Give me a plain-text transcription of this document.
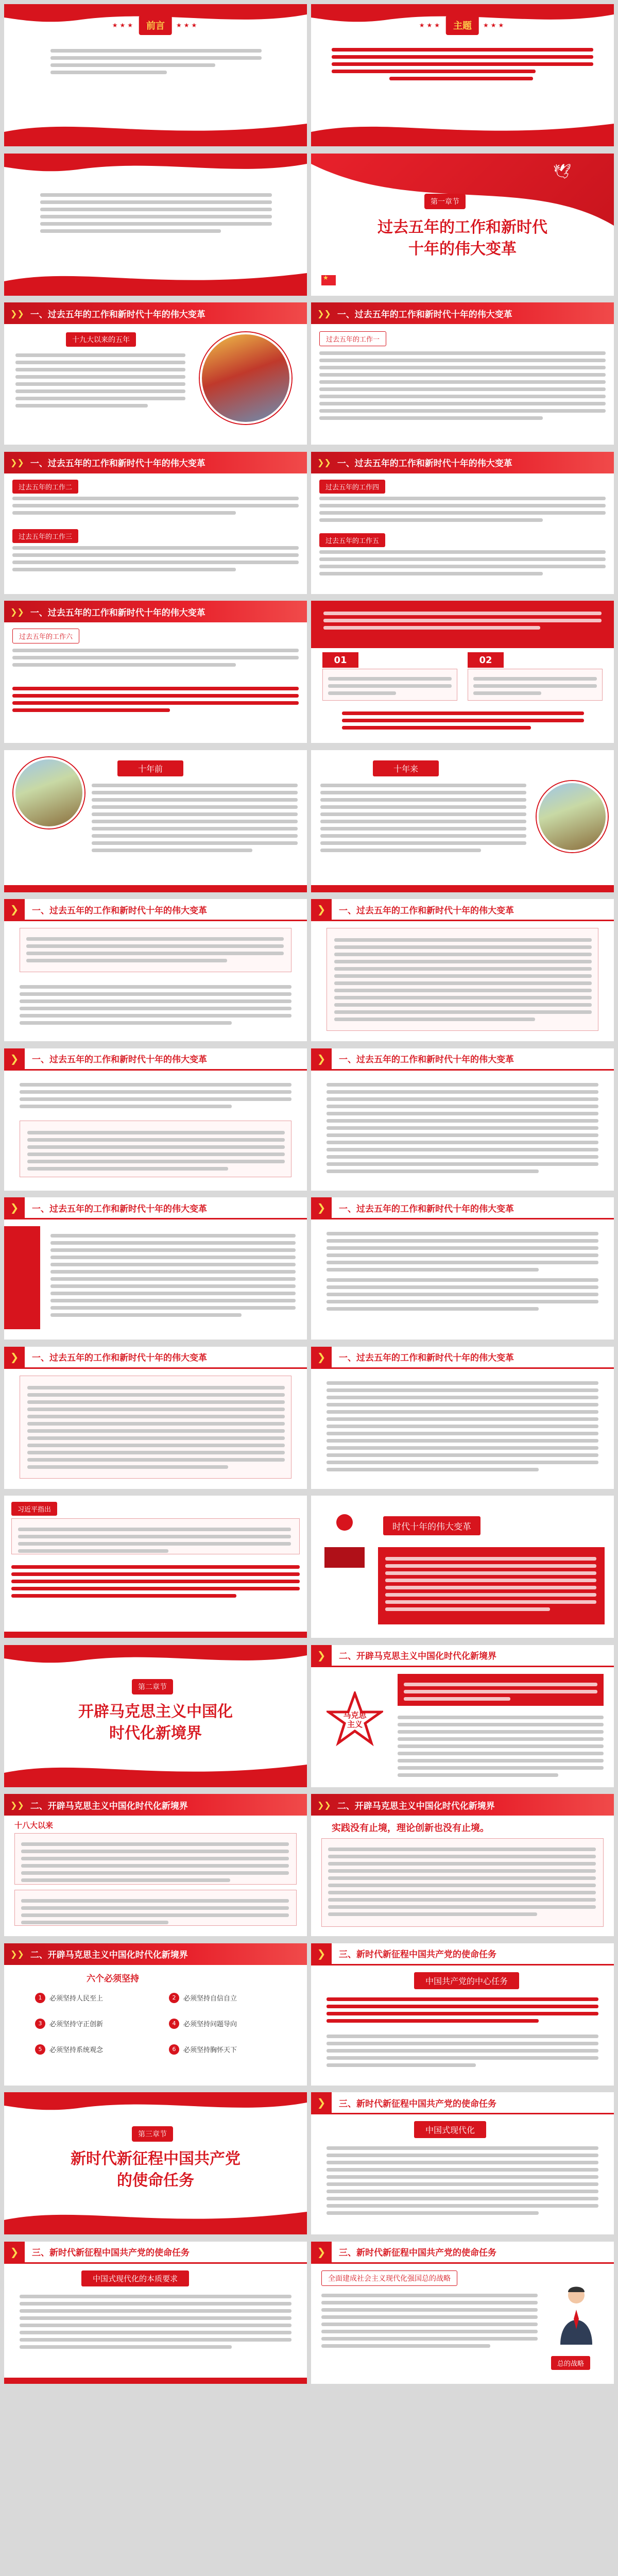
★★★	前言	★★★	★★★	主题	★★★
🕊
第一章节
过去五年的工作和新时代
十年的伟大变革
★
❯❯ 一、过去五年的工作和新时代十年的伟大变革
十九大以来的五年
❯❯ 一、过去五年的工作和新时代十年的伟大变革
过去五年的工作一
❯❯ 一、过去五年的工作和新时代十年的伟大变革
过去五年的工作二
过去五年的工作三
❯❯ 一、过去五年的工作和新时代十年的伟大变革
过去五年的工作四
过去五年的工作五
❯❯ 一、过去五年的工作和新时代十年的伟大变革
过去五年的工作六
01	02
十年前	十年来
❯	一、过去五年的工作和新时代十年的伟大变革	❯	一、过去五年的工作和新时代十年的伟大变革
❯	一、过去五年的工作和新时代十年的伟大变革	❯	一、过去五年的工作和新时代十年的伟大变革
❯	一、过去五年的工作和新时代十年的伟大变革	❯	一、过去五年的工作和新时代十年的伟大变革
❯	一、过去五年的工作和新时代十年的伟大变革	❯	一、过去五年的工作和新时代十年的伟大变革
习近平指出
时代十年的伟大变革
第二章节
开辟马克思主义中国化
时代化新境界
❯	二、开辟马克思主义中国化时代化新境界
马克思
主义
❯❯ 二、开辟马克思主义中国化时代化新境界
十八大以来
❯❯ 二、开辟马克思主义中国化时代化新境界
实践没有止境，理论创新也没有止境。
❯❯ 二、开辟马克思主义中国化时代化新境界
六个必须坚持
1	必须坚持人民至上	2	必须坚持自信自立
3	必须坚持守正创新	4	必须坚持问题导向
5	必须坚持系统观念	6	必须坚持胸怀天下
❯	三、新时代新征程中国共产党的使命任务
中国共产党的中心任务
第三章节
新时代新征程中国共产党
的使命任务
❯	三、新时代新征程中国共产党的使命任务
中国式现代化
❯	三、新时代新征程中国共产党的使命任务
中国式现代化的本质要求
❯	三、新时代新征程中国共产党的使命任务
全面建成社会主义现代化强国总的战略
总的战略
